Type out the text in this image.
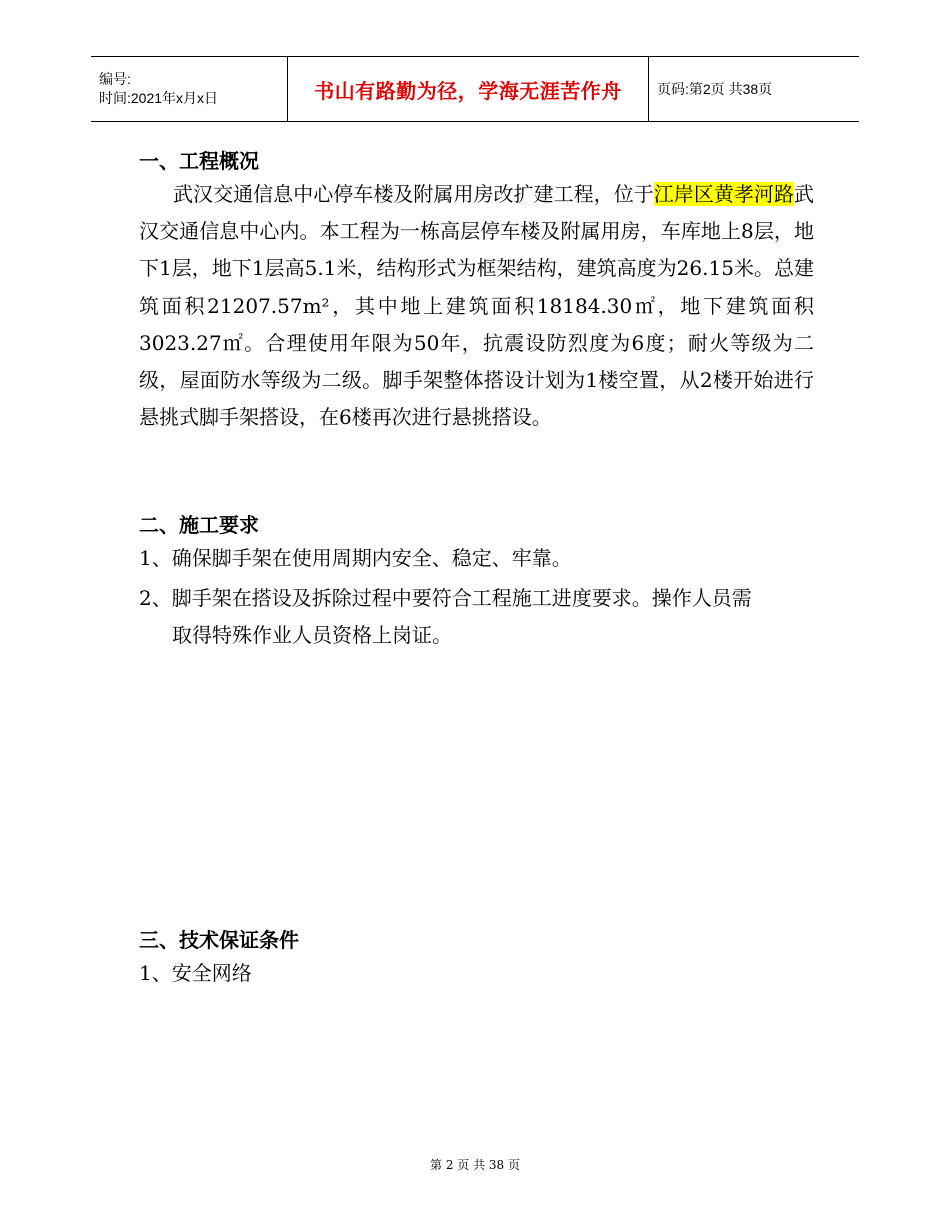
编号:
时间:2021年x月x日	书山有路勤为径，学海无涯苦作舟	页码:第2页 共38页
一、工程概况
武汉交通信息中心停车楼及附属用房改扩建工程，位于江岸区黄孝河路武汉交通信息中心内。本工程为一栋高层停车楼及附属用房，车库地上8层，地下1层，地下1层高5.1米，结构形式为框架结构，建筑高度为26.15米。总建筑面积21207.57m²，其中地上建筑面积18184.30㎡，地下建筑面积3023.27㎡。合理使用年限为50年，抗震设防烈度为6度；耐火等级为二级，屋面防水等级为二级。脚手架整体搭设计划为1楼空置，从2楼开始进行悬挑式脚手架搭设，在6楼再次进行悬挑搭设。
二、施工要求
1、确保脚手架在使用周期内安全、稳定、牢靠。
2、脚手架在搭设及拆除过程中要符合工程施工进度要求。操作人员需
取得特殊作业人员资格上岗证。
三、技术保证条件
1、安全网络
第 2 页 共 38 页
